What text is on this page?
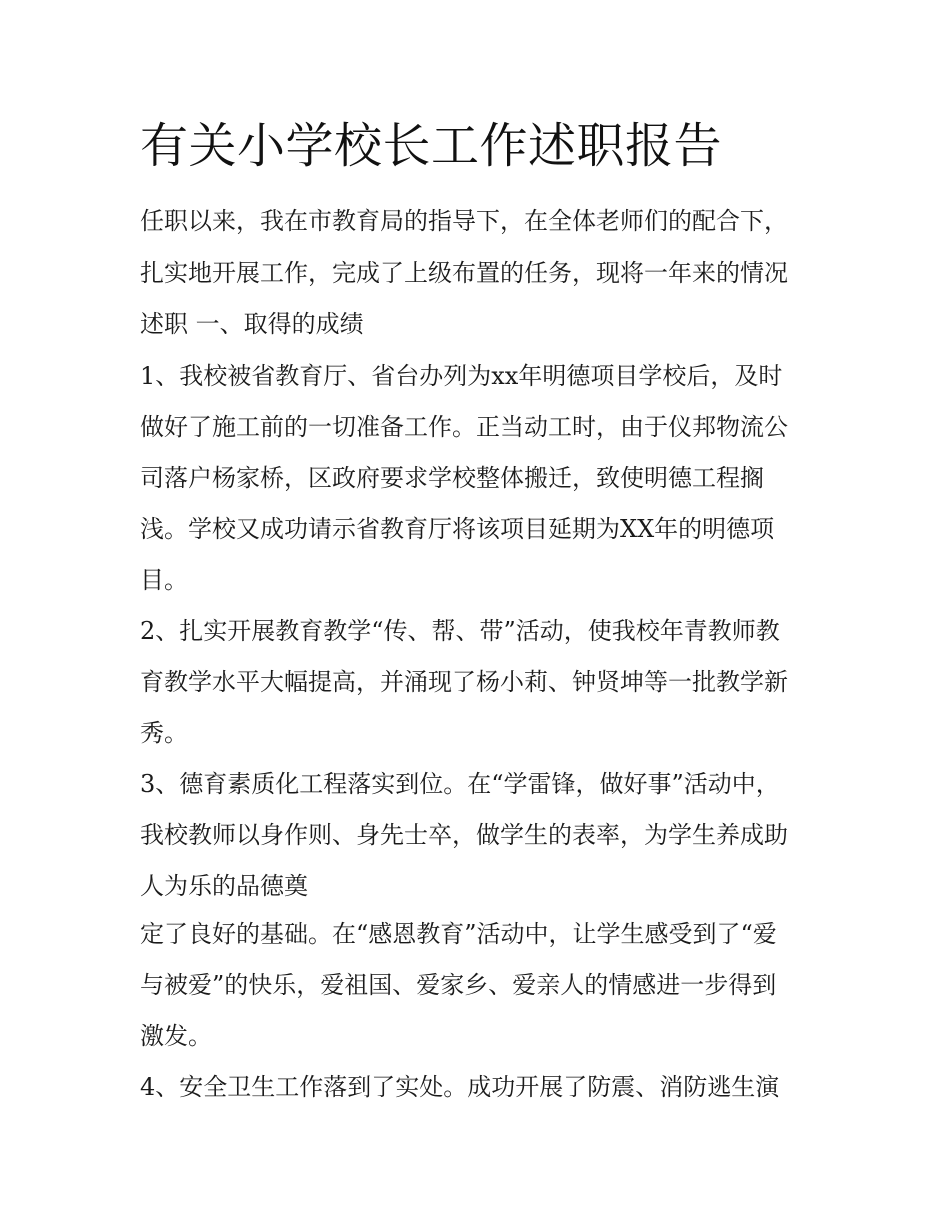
有关小学校长工作述职报告

任职以来，我在市教育局的指导下，在全体老师们的配合下，

扎实地开展工作，完成了上级布置的任务，现将一年来的情况

述职 一、取得的成绩

1、我校被省教育厅、省台办列为xx年明德项目学校后，及时

做好了施工前的一切准备工作。正当动工时，由于仪邦物流公

司落户杨家桥，区政府要求学校整体搬迁，致使明德工程搁

浅。学校又成功请示省教育厅将该项目延期为XX年的明德项

目。

2、扎实开展教育教学“传、帮、带”活动，使我校年青教师教

育教学水平大幅提高，并涌现了杨小莉、钟贤坤等一批教学新

秀。

3、德育素质化工程落实到位。在“学雷锋，做好事”活动中，

我校教师以身作则、身先士卒，做学生的表率，为学生养成助

人为乐的品德奠

定了良好的基础。在“感恩教育”活动中，让学生感受到了“爱

与被爱”的快乐，爱祖国、爱家乡、爱亲人的情感进一步得到

激发。

4、安全卫生工作落到了实处。成功开展了防震、消防逃生演
